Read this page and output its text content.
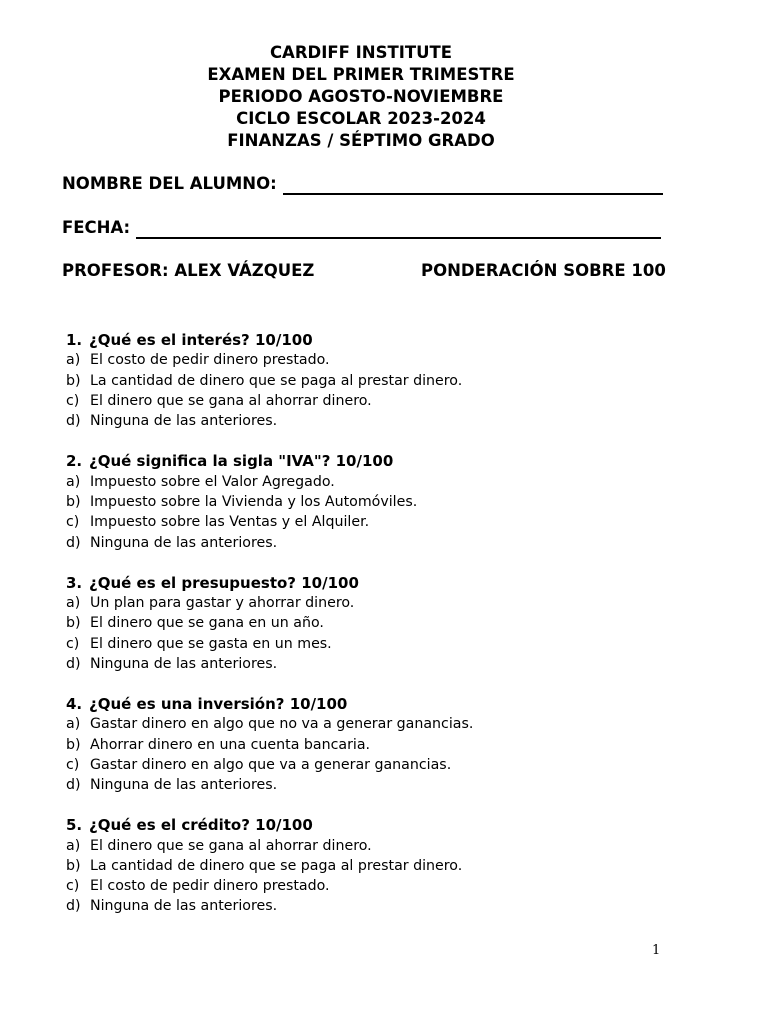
CARDIFF INSTITUTE
EXAMEN DEL PRIMER TRIMESTRE
PERIODO AGOSTO-NOVIEMBRE
CICLO ESCOLAR 2023-2024
FINANZAS / SÉPTIMO GRADO
NOMBRE DEL ALUMNO:
FECHA:
PROFESOR: ALEX VÁZQUEZ	PONDERACIÓN SOBRE 100
1. ¿Qué es el interés? 10/100
a) El costo de pedir dinero prestado.
b) La cantidad de dinero que se paga al prestar dinero.
c) El dinero que se gana al ahorrar dinero.
d) Ninguna de las anteriores.
2. ¿Qué significa la sigla "IVA"? 10/100
a) Impuesto sobre el Valor Agregado.
b) Impuesto sobre la Vivienda y los Automóviles.
c) Impuesto sobre las Ventas y el Alquiler.
d) Ninguna de las anteriores.
3. ¿Qué es el presupuesto? 10/100
a) Un plan para gastar y ahorrar dinero.
b) El dinero que se gana en un año.
c) El dinero que se gasta en un mes.
d) Ninguna de las anteriores.
4. ¿Qué es una inversión? 10/100
a) Gastar dinero en algo que no va a generar ganancias.
b) Ahorrar dinero en una cuenta bancaria.
c) Gastar dinero en algo que va a generar ganancias.
d) Ninguna de las anteriores.
5. ¿Qué es el crédito? 10/100
a) El dinero que se gana al ahorrar dinero.
b) La cantidad de dinero que se paga al prestar dinero.
c) El costo de pedir dinero prestado.
d) Ninguna de las anteriores.
1
